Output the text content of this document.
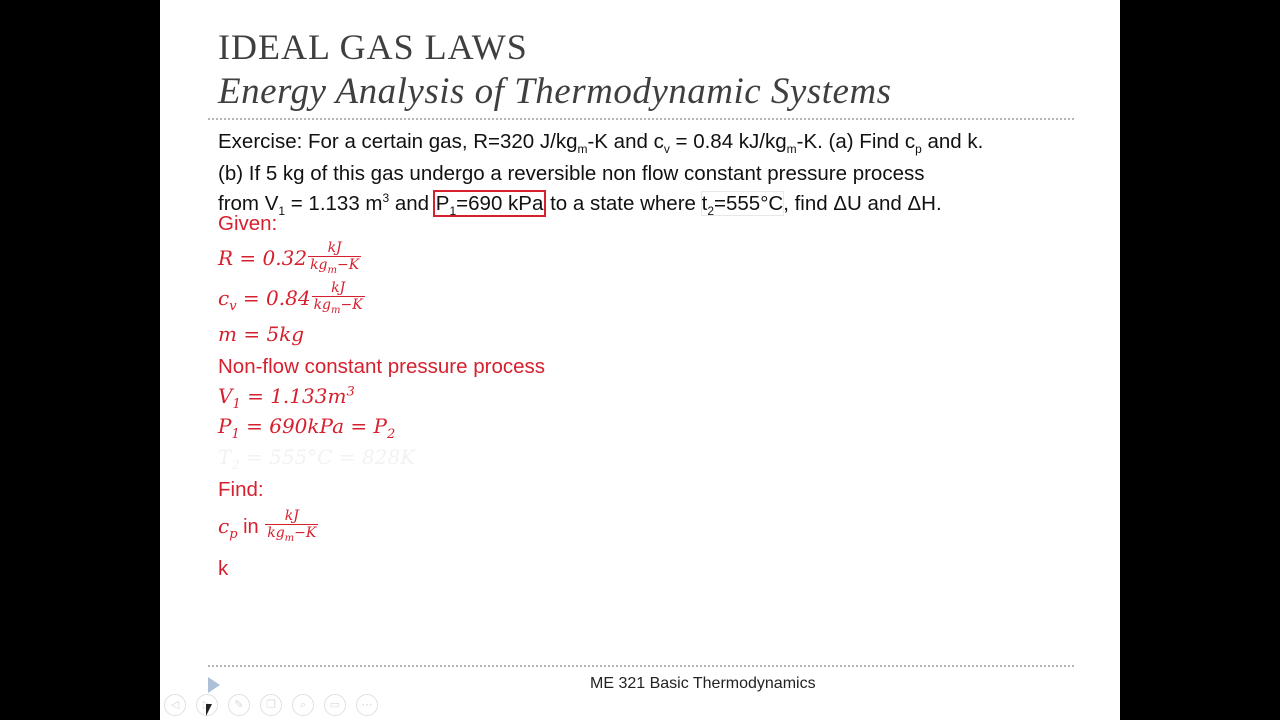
IDEAL GAS LAWS
Energy Analysis of Thermodynamic Systems
Exercise: For a certain gas, R=320 $J/kg_m-K$ and $c_v = 0.84$ $kJ/kg_m-K$. (a) Find $c_p$ and k.
(b) If 5 kg of this gas undergo a reversible non flow constant pressure process
from $V_1 = 1.133$ $m^3$ and $P_1=690$ kPa to a state where $t_2=555^\circ C$, find ΔU and ΔH.
Given:
$R = 0.32 \frac{kJ}{kg_m-K}$
$c_v = 0.84 \frac{kJ}{kg_m-K}$
m = 5kg
Non-flow constant pressure process
$V_1 = 1.133m^3$
$P_1 = 690kPa = P_2$
$T_2 = 555^\circ C = 828K$
Find:
$c_p$ in $\frac{kJ}{kg_m-K}$
k
ME 321 Basic Thermodynamics
◁	▷	✎	❐	⌕	▭	⋯
